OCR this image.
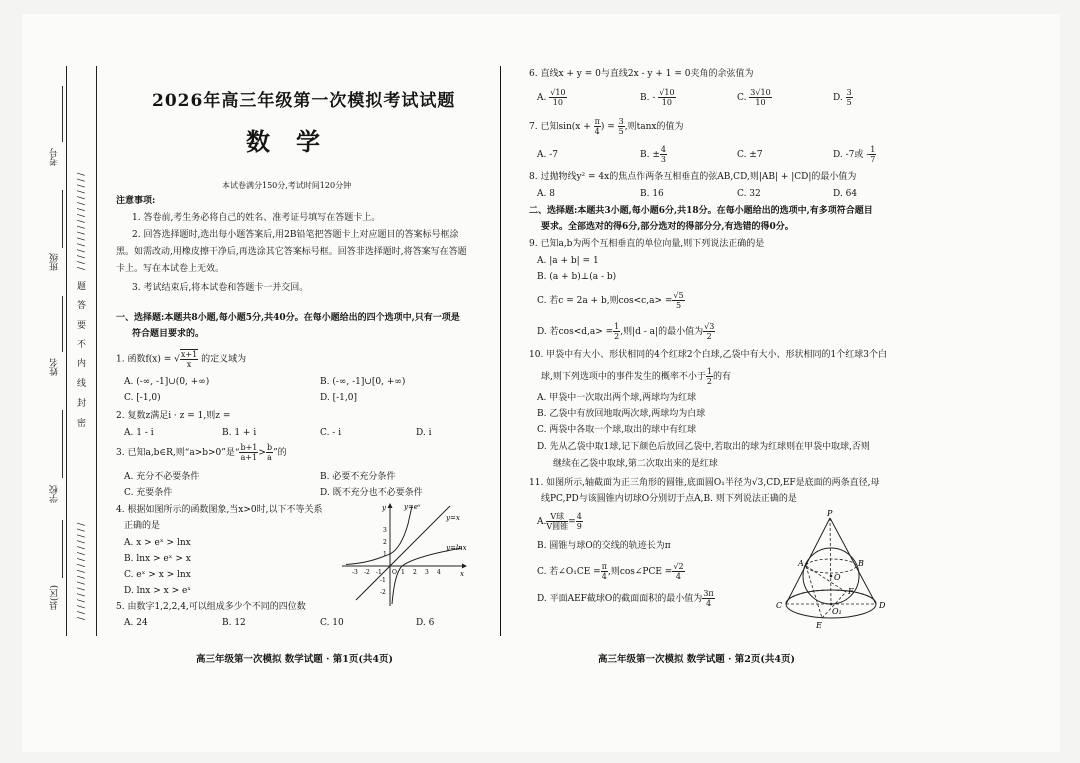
考号
班级
姓名
学校
县(区)
密
封
线
内
不
要
答
题
/ / / / / / / / / / / / / / / / /
/ / / / / / / / / / / / / / / / /
2026年高三年级第一次模拟考试试题
数学
本试卷满分150分,考试时间120分钟
注意事项:
1. 答卷前,考生务必将自己的姓名、准考证号填写在答题卡上。
2. 回答选择题时,选出每小题答案后,用2B铅笔把答题卡上对应题目的答案标号框涂
黑。如需改动,用橡皮擦干净后,再选涂其它答案标号框。回答非选择题时,将答案写在答题
卡上。写在本试卷上无效。
3. 考试结束后,将本试卷和答题卡一并交回。
一、选择题:本题共8小题,每小题5分,共40分。在每小题给出的四个选项中,只有一项是
符合题目要求的。
1. 函数f(x) = √ $\frac{x+1}{x}$ 的定义域为
A. (-∞, -1]∪(0, +∞)	B. (-∞, -1]∪[0, +∞)
C. [-1,0)	D. [-1,0]
2. 复数z满足i · z = 1,则z =
A. 1 - i	B. 1 + i	C. - i	D. i
3. 已知a,b∈R,则“a>b>0”是“ $\frac{b+1}{a+1} > \frac{b}{a}$ ”的
A. 充分不必要条件	B. 必要不充分条件
C. 充要条件	D. 既不充分也不必要条件
4. 根据如图所示的函数图象,当x>0时,以下不等关系
正确的是
A. x > eˣ > lnx
B. lnx > eˣ > x
C. eˣ > x > lnx
D. lnx > x > eˣ
y=eˣ
y=x
y=lnx
y
x
-3 -2 -1 O 1 2 3 4
3
2
1
-1
-2
5. 由数字1,2,2,4,可以组成多少个不同的四位数
A. 24	B. 12	C. 10	D. 6
高三年级第一次模拟 数学试题 · 第1页(共4页)
6. 直线x + y = 0与直线2x - y + 1 = 0夹角的余弦值为
A. $\frac{√10}{10}$	B. - $\frac{√10}{10}$	C. $\frac{3√10}{10}$	D. $\frac{3}{5}$
7. 已知$\sin(x + \frac{\pi}{4}$ ) = $\frac{3}{5}$ ,则tanx的值为
A. -7	B. ± $\frac{4}{3}$	C. ±7	D. -7或 - $\frac{1}{7}$
8. 过抛物线y² = 4x的焦点作两条互相垂直的弦AB,CD,则|AB| + |CD|的最小值为
A. 8	B. 16	C. 32	D. 64
二、选择题:本题共3小题,每小题6分,共18分。在每小题给出的选项中,有多项符合题目
要求。全部选对的得6分,部分选对的得部分分,有选错的得0分。
9. 已知a,b为两个互相垂直的单位向量,则下列说法正确的是
A. |a + b| = 1
B. (a + b)⊥(a - b)
C. 若c = 2a + b,则$\cos<c,a> = \frac{√5}{5}$
D. 若$\cos<d,a> = \frac{1}{2}$ ,则|d - a|的最小值为 $\frac{√3}{2}$
10. 甲袋中有大小、形状相同的4个红球2个白球,乙袋中有大小、形状相同的1个红球3个白
球,则下列选项中的事件发生的概率不小于 $\frac{1}{2}$ 的有
A. 甲袋中一次取出两个球,两球均为红球
B. 乙袋中有放回地取两次球,两球均为白球
C. 两袋中各取一个球,取出的球中有红球
D. 先从乙袋中取1球,记下颜色后放回乙袋中,若取出的球为红球则在甲袋中取球,否则
继续在乙袋中取球,第二次取出来的是红球
11. 如图所示,轴截面为正三角形的圆锥,底面圆O₁半径为√3,CD,EF是底面的两条直径,母
线PC,PD与该圆锥内切球O分别切于点A,B. 则下列说法正确的是
A. $\frac{\text{V球}}{\text{V圆锥}} = \frac{4}{9}$
B. 圆锥与球O的交线的轨迹长为π
C. 若∠O₁CE = $\frac{\pi}{4}$ ,则cos∠PCE = $\frac{√2}{4}$
D. 平面AEF截球O的截面面积的最小值为 $\frac{3\pi}{4}$
P
A	B
O
C	D
E
F
O₁
高三年级第一次模拟 数学试题 · 第2页(共4页)
